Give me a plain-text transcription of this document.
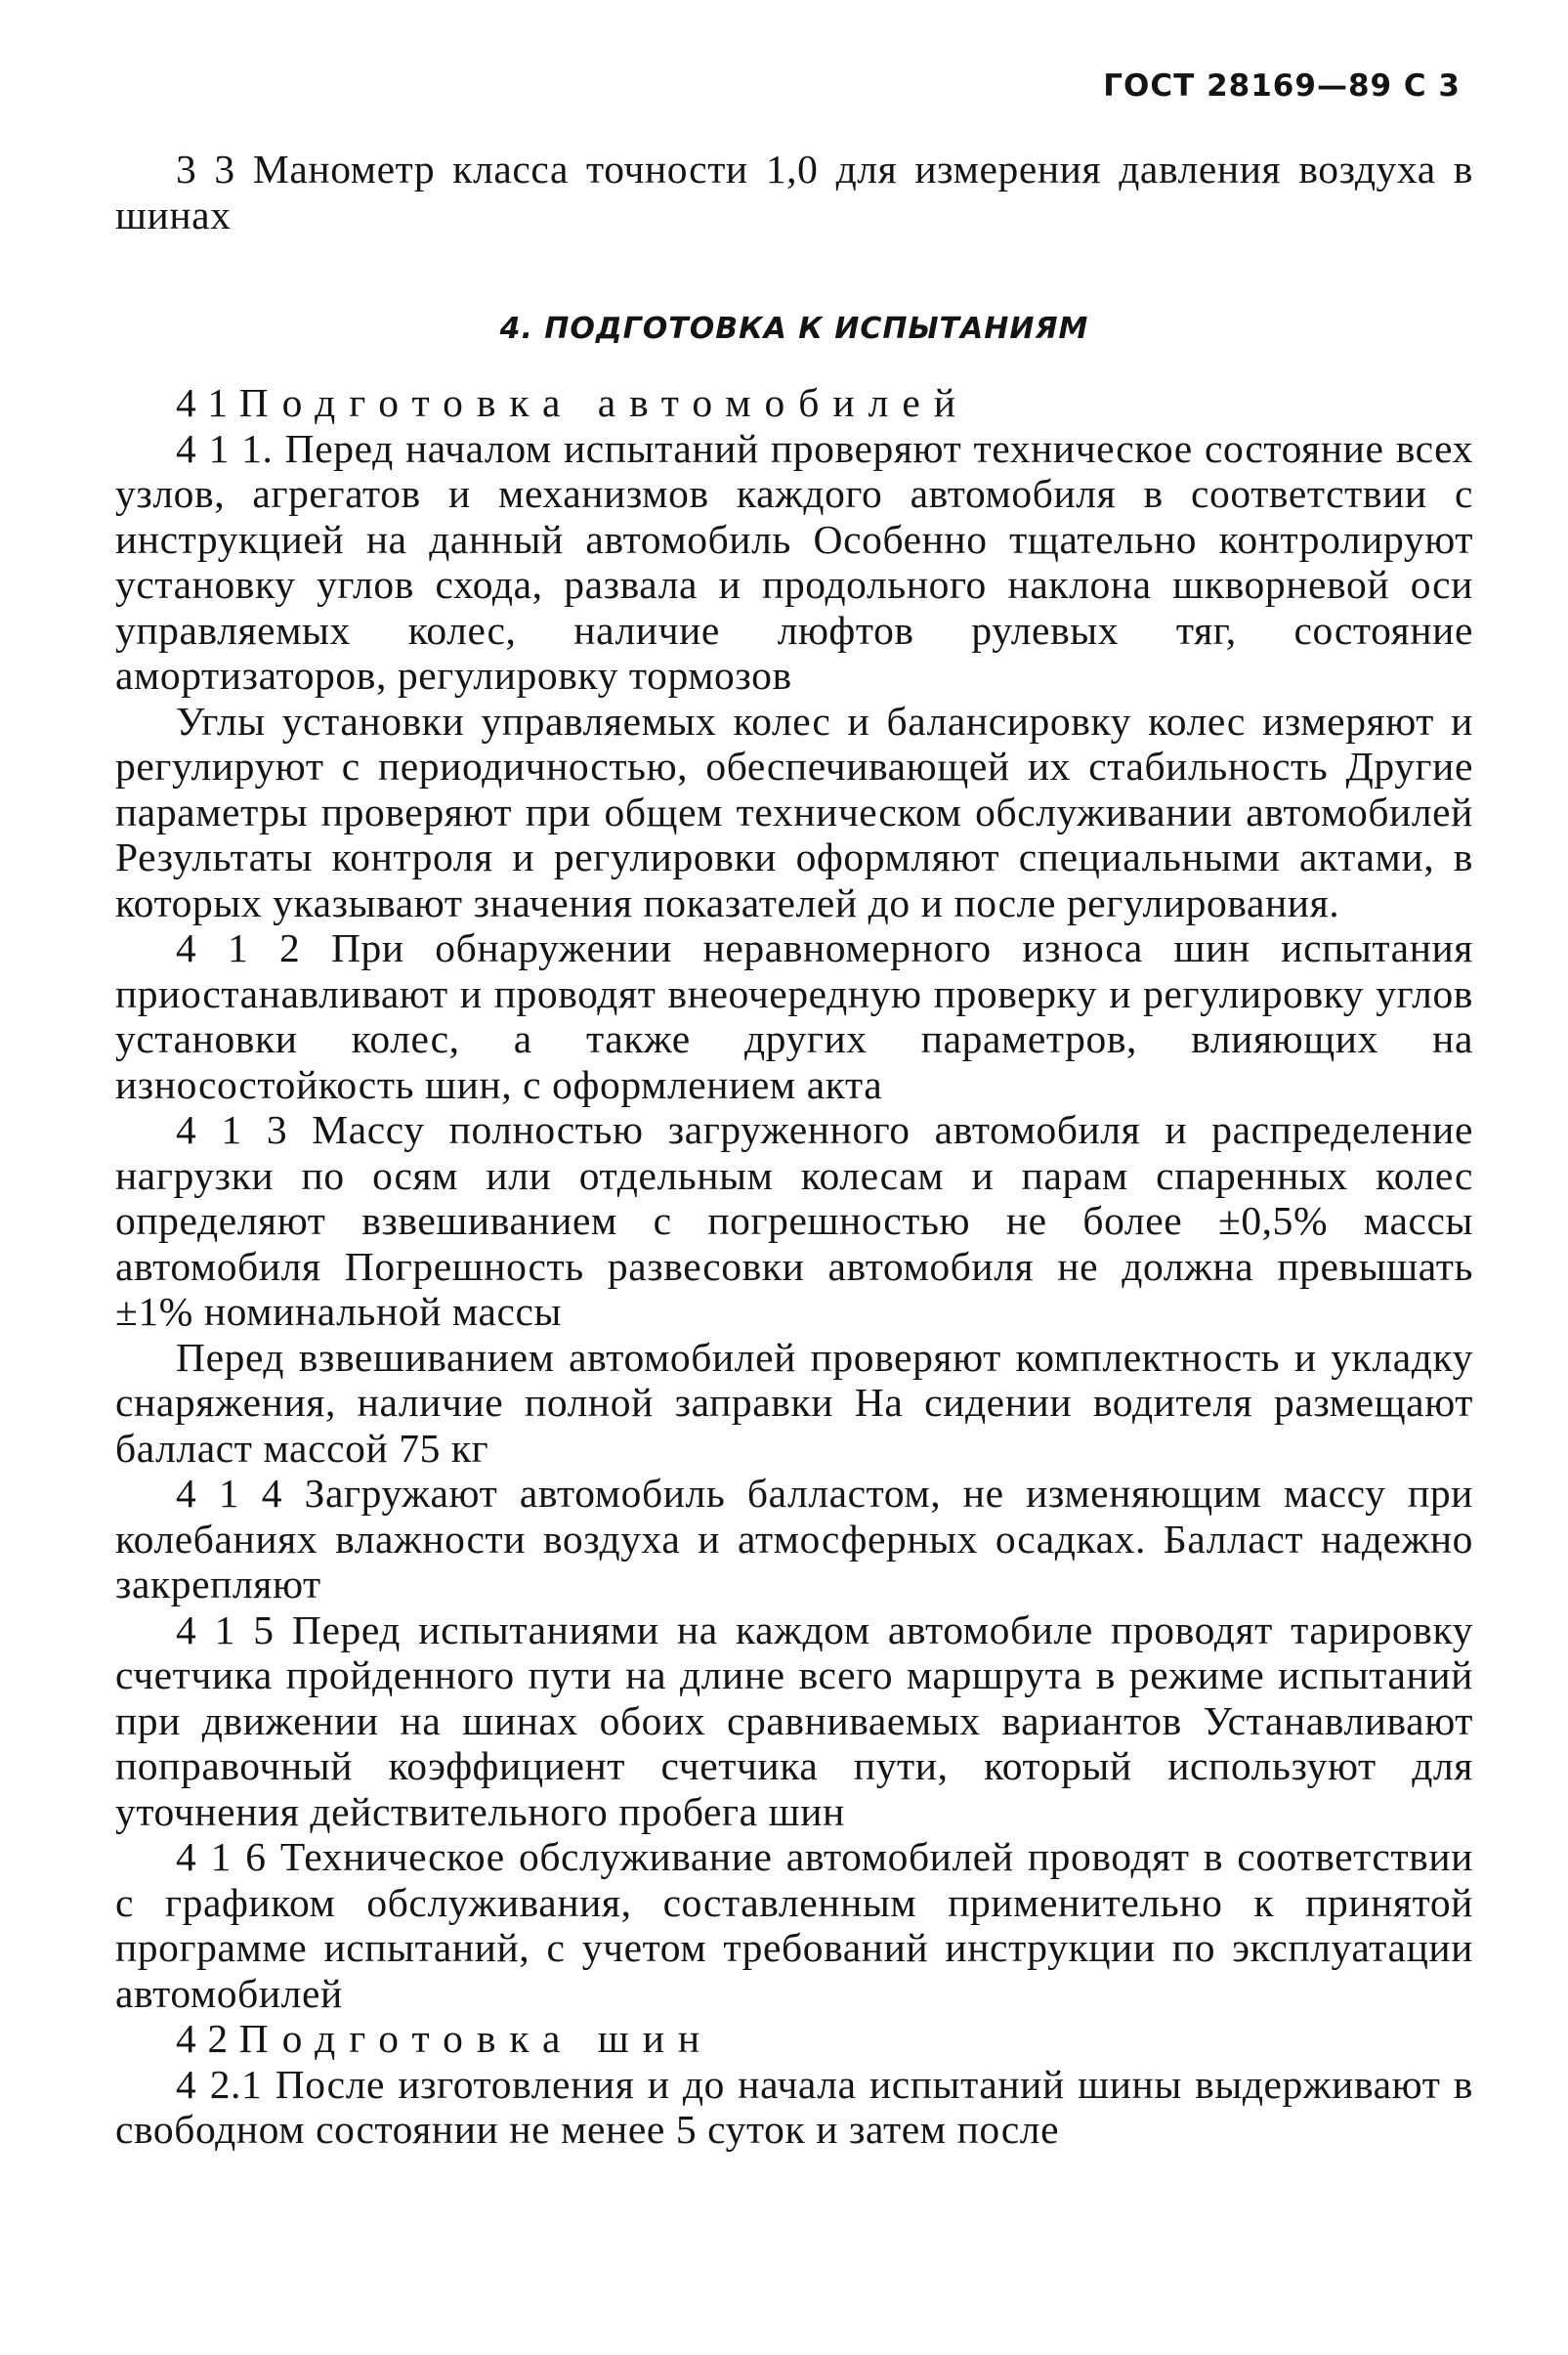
ГОСТ 28169—89 С 3

3 3 Манометр класса точности 1,0 для измерения давления воздуха в шинах

4. ПОДГОТОВКА К ИСПЫТАНИЯМ

4 1 Подготовка автомобилей

4 1 1. Перед началом испытаний проверяют техническое состояние всех узлов, агрегатов и механизмов каждого автомобиля в соответствии с инструкцией на данный автомобиль Особенно тщательно контролируют установку углов схода, развала и продольного наклона шкворневой оси управляемых колес, наличие люфтов рулевых тяг, состояние амортизаторов, регулировку тормозов

Углы установки управляемых колес и балансировку колес измеряют и регулируют с периодичностью, обеспечивающей их стабильность Другие параметры проверяют при общем техническом обслуживании автомобилей Результаты контроля и регулировки оформляют специальными актами, в которых указывают значения показателей до и после регулирования.

4 1 2 При обнаружении неравномерного износа шин испытания приостанавливают и проводят внеочередную проверку и регулировку углов установки колес, а также других параметров, влияющих на износостойкость шин, с оформлением акта

4 1 3 Массу полностью загруженного автомобиля и распределение нагрузки по осям или отдельным колесам и парам спаренных колес определяют взвешиванием с погрешностью не более ±0,5% массы автомобиля Погрешность развесовки автомобиля не должна превышать ±1% номинальной массы

Перед взвешиванием автомобилей проверяют комплектность и укладку снаряжения, наличие полной заправки На сидении водителя размещают балласт массой 75 кг

4 1 4 Загружают автомобиль балластом, не изменяющим массу при колебаниях влажности воздуха и атмосферных осадках. Балласт надежно закрепляют

4 1 5 Перед испытаниями на каждом автомобиле проводят тарировку счетчика пройденного пути на длине всего маршрута в режиме испытаний при движении на шинах обоих сравниваемых вариантов Устанавливают поправочный коэффициент счетчика пути, который используют для уточнения действительного пробега шин

4 1 6 Техническое обслуживание автомобилей проводят в соответствии с графиком обслуживания, составленным применительно к принятой программе испытаний, с учетом требований инструкции по эксплуатации автомобилей

4 2 Подготовка шин

4 2.1 После изготовления и до начала испытаний шины выдерживают в свободном состоянии не менее 5 суток и затем после
